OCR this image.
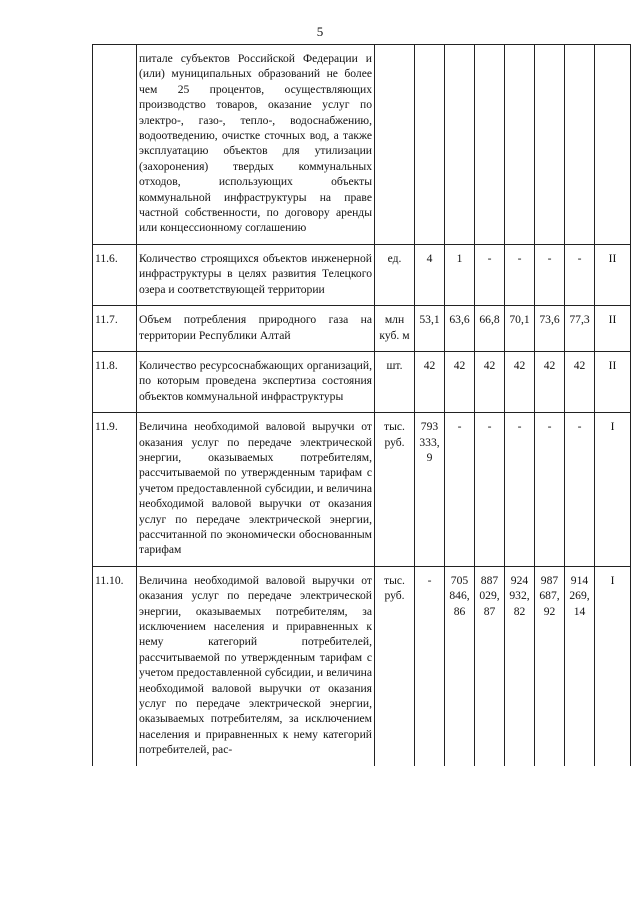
5
	питале субъектов Российской Федерации и (или) муниципальных образований не более чем 25 процентов, осуществляющих производство товаров, оказание услуг по электро-, газо-, тепло-, водоснабжению, водоотведению, очистке сточных вод, а также эксплуатацию объектов для утилизации (захоронения) твердых коммунальных отходов, использующих объекты коммунальной инфраструктуры на праве частной собственности, по договору аренды или концессионному соглашению								
11.6.	Количество строящихся объектов инженерной инфраструктуры в целях развития Телецкого озера и соответствующей территории	ед.	4	1	-	-	-	-	II
11.7.	Объем потребления природного газа на территории Республики Алтай	млн куб. м	53,1	63,6	66,8	70,1	73,6	77,3	II
11.8.	Количество ресурсоснабжающих организаций, по которым проведена экспертиза состояния объектов коммунальной инфраструктуры	шт.	42	42	42	42	42	42	II
11.9.	Величина необходимой валовой выручки от оказания услуг по передаче электрической энергии, оказываемых потребителям, рассчитываемой по утвержденным тарифам с учетом предоставленной субсидии, и величина необходимой валовой выручки от оказания услуг по передаче электрической энергии, рассчитанной по экономически обоснованным тарифам	тыс. руб.	793 333, 9	-	-	-	-	-	I
11.10.	Величина необходимой валовой выручки от оказания услуг по передаче электрической энергии, оказываемых потребителям, за исключением населения и приравненных к нему категорий потребителей, рассчитываемой по утвержденным тарифам с учетом предоставленной субсидии, и величина необходимой валовой выручки от оказания услуг по передаче электрической энергии, оказываемых потребителям, за исключением населения и приравненных к нему категорий потребителей, рас-	тыс. руб.	-	705 846, 86	887 029, 87	924 932, 82	987 687, 92	914 269, 14	I
